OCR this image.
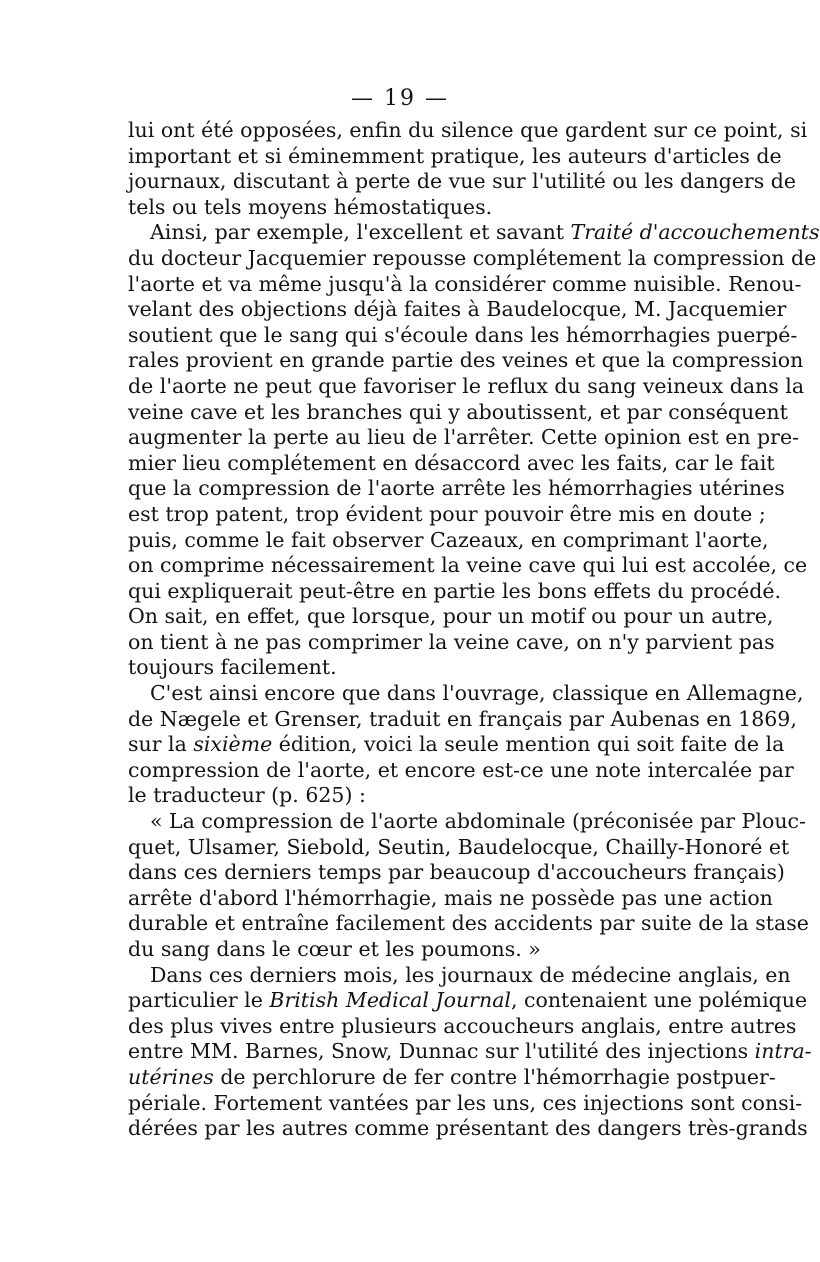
— 19 —
lui ont été opposées, enfin du silence que gardent sur ce point, si
important et si éminemment pratique, les auteurs d'articles de
journaux, discutant à perte de vue sur l'utilité ou les dangers de
tels ou tels moyens hémostatiques.
Ainsi, par exemple, l'excellent et savant Traité d'accouchements
du docteur Jacquemier repousse complétement la compression de
l'aorte et va même jusqu'à la considérer comme nuisible. Renou-
velant des objections déjà faites à Baudelocque, M. Jacquemier
soutient que le sang qui s'écoule dans les hémorrhagies puerpé-
rales provient en grande partie des veines et que la compression
de l'aorte ne peut que favoriser le reflux du sang veineux dans la
veine cave et les branches qui y aboutissent, et par conséquent
augmenter la perte au lieu de l'arrêter. Cette opinion est en pre-
mier lieu complétement en désaccord avec les faits, car le fait
que la compression de l'aorte arrête les hémorrhagies utérines
est trop patent, trop évident pour pouvoir être mis en doute ;
puis, comme le fait observer Cazeaux, en comprimant l'aorte,
on comprime nécessairement la veine cave qui lui est accolée, ce
qui expliquerait peut-être en partie les bons effets du procédé.
On sait, en effet, que lorsque, pour un motif ou pour un autre,
on tient à ne pas comprimer la veine cave, on n'y parvient pas
toujours facilement.
C'est ainsi encore que dans l'ouvrage, classique en Allemagne,
de Nægele et Grenser, traduit en français par Aubenas en 1869,
sur la sixième édition, voici la seule mention qui soit faite de la
compression de l'aorte, et encore est-ce une note intercalée par
le traducteur (p. 625) :
« La compression de l'aorte abdominale (préconisée par Plouc-
quet, Ulsamer, Siebold, Seutin, Baudelocque, Chailly-Honoré et
dans ces derniers temps par beaucoup d'accoucheurs français)
arrête d'abord l'hémorrhagie, mais ne possède pas une action
durable et entraîne facilement des accidents par suite de la stase
du sang dans le cœur et les poumons. »
Dans ces derniers mois, les journaux de médecine anglais, en
particulier le British Medical Journal, contenaient une polémique
des plus vives entre plusieurs accoucheurs anglais, entre autres
entre MM. Barnes, Snow, Dunnac sur l'utilité des injections intra-
utérines de perchlorure de fer contre l'hémorrhagie postpuer-
périale. Fortement vantées par les uns, ces injections sont consi-
dérées par les autres comme présentant des dangers très-grands
